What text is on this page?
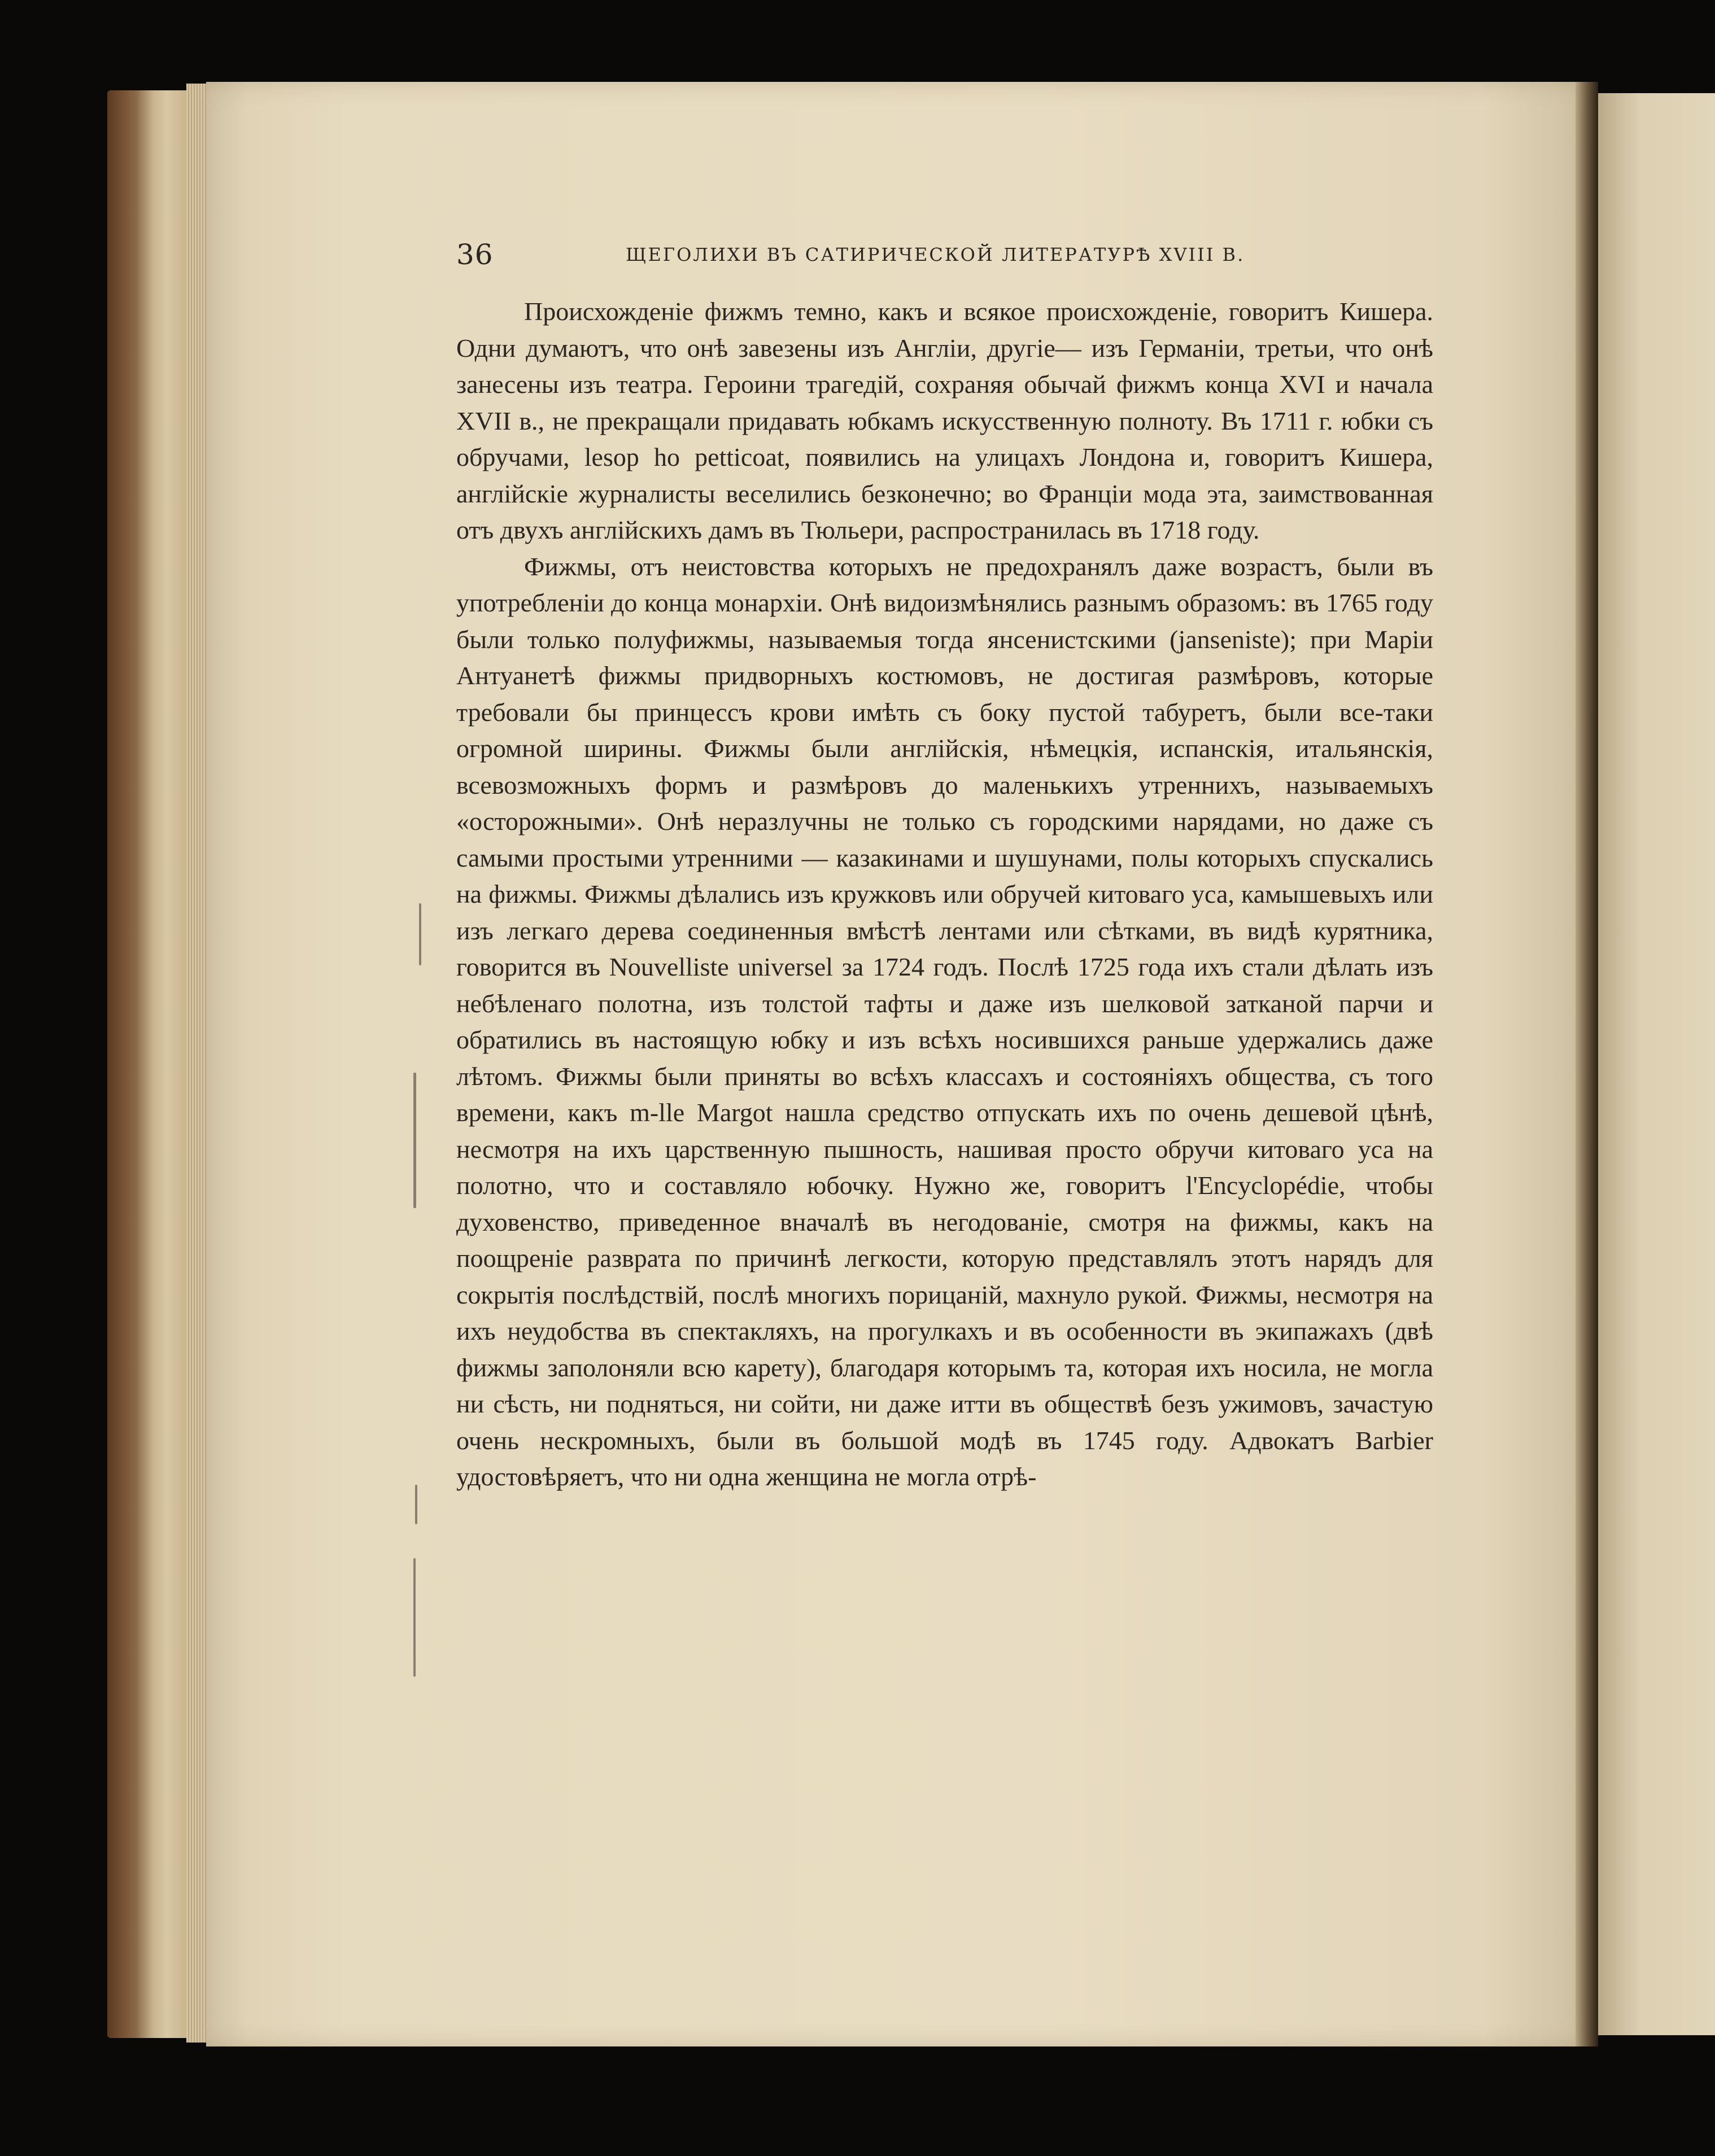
36	ЩЕГОЛИХИ ВЪ САТИРИЧЕСКОЙ ЛИТЕРАТУРѢ XVIII В.

Происхожденіе фижмъ темно, какъ и всякое происхожденіе, говоритъ Кишера. Одни думаютъ, что онѣ завезены изъ Англіи, другіе— изъ Германіи, третьи, что онѣ занесены изъ театра. Героини трагедій, сохраняя обычай фижмъ конца XVI и начала XVII в., не прекращали придавать юбкамъ искусственную полноту. Въ 1711 г. юбки съ обручами, lesop ho petticoat, появились на улицахъ Лондона и, говоритъ Кишера, англійскіе журналисты веселились безконечно; во Франціи мода эта, заимствованная отъ двухъ англійскихъ дамъ въ Тюльери, распространилась въ 1718 году.

Фижмы, отъ неистовства которыхъ не предохранялъ даже возрастъ, были въ употребленіи до конца монархіи. Онѣ видоизмѣнялись разнымъ образомъ: въ 1765 году были только полуфижмы, называемыя тогда янсенистскими (janseniste); при Маріи Антуанетѣ фижмы придворныхъ костюмовъ, не достигая размѣровъ, которые требовали бы принцессъ крови имѣть съ боку пустой табуретъ, были все-таки огромной ширины. Фижмы были англійскія, нѣмецкія, испанскія, итальянскія, всевозможныхъ формъ и размѣровъ до маленькихъ утреннихъ, называемыхъ «осторожными». Онѣ неразлучны не только съ городскими нарядами, но даже съ самыми простыми утренними — казакинами и шушунами, полы которыхъ спускались на фижмы. Фижмы дѣлались изъ кружковъ или обручей китоваго уса, камышевыхъ или изъ легкаго дерева соединенныя вмѣстѣ лентами или сѣтками, въ видѣ курятника, говорится въ Nouvelliste universel за 1724 годъ. Послѣ 1725 года ихъ стали дѣлать изъ небѣленаго полотна, изъ толстой тафты и даже изъ шелковой затканой парчи и обратились въ настоящую юбку и изъ всѣхъ носившихся раньше удержались даже лѣтомъ. Фижмы были приняты во всѣхъ классахъ и состояніяхъ общества, съ того времени, какъ m-lle Margot нашла средство отпускать ихъ по очень дешевой цѣнѣ, несмотря на ихъ царственную пышность, нашивая просто обручи китоваго уса на полотно, что и составляло юбочку. Нужно же, говоритъ l'Encyclopédie, чтобы духовенство, приведенное вначалѣ въ негодованіе, смотря на фижмы, какъ на поощреніе разврата по причинѣ легкости, которую представлялъ этотъ нарядъ для сокрытія послѣдствій, послѣ многихъ порицаній, махнуло рукой. Фижмы, несмотря на ихъ неудобства въ спектакляхъ, на прогулкахъ и въ особенности въ экипажахъ (двѣ фижмы заполоняли всю карету), благодаря которымъ та, которая ихъ носила, не могла ни сѣсть, ни подняться, ни сойти, ни даже итти въ обществѣ безъ ужимовъ, зачастую очень нескромныхъ, были въ большой модѣ въ 1745 году. Адвокатъ Barbier удостовѣряетъ, что ни одна женщина не могла отрѣ-
